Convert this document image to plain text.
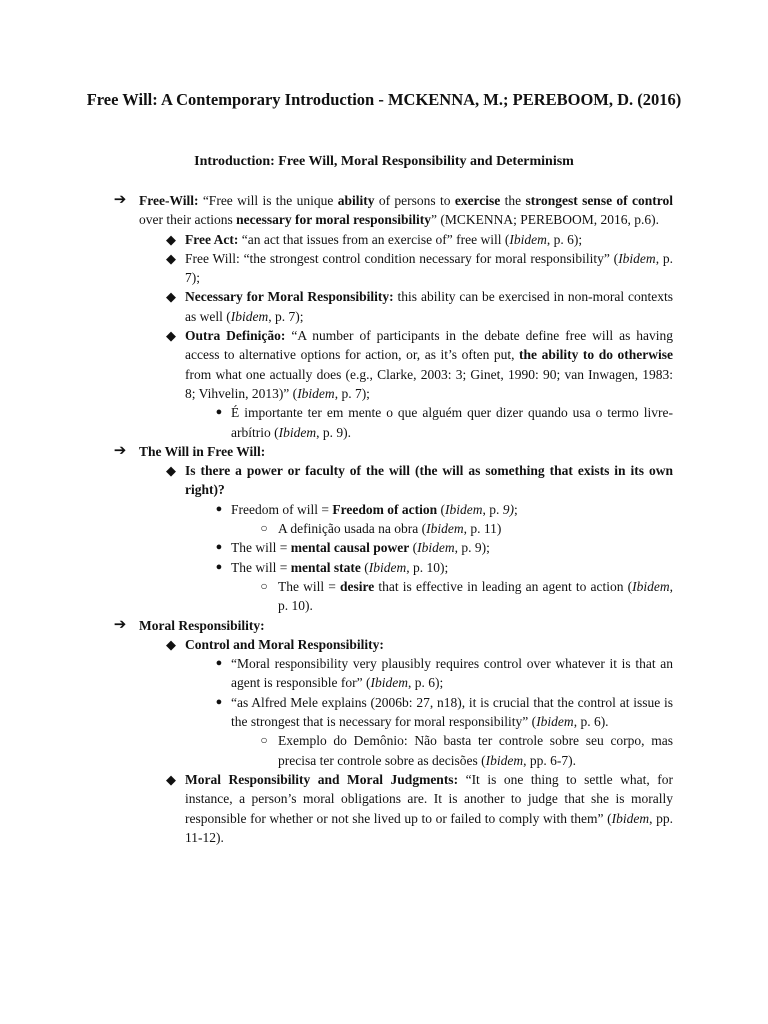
Free Will: A Contemporary Introduction - MCKENNA, M.; PEREBOOM, D. (2016)
Introduction: Free Will, Moral Responsibility and Determinism
➔ Free-Will: “Free will is the unique ability of persons to exercise the strongest sense of control over their actions necessary for moral responsibility” (MCKENNA; PEREBOOM, 2016, p.6).
◆ Free Act: “an act that issues from an exercise of” free will (Ibidem, p. 6);
◆ Free Will: “the strongest control condition necessary for moral responsibility” (Ibidem, p. 7);
◆ Necessary for Moral Responsibility: this ability can be exercised in non-moral contexts as well (Ibidem, p. 7);
◆ Outra Definição: “A number of participants in the debate define free will as having access to alternative options for action, or, as it’s often put, the ability to do otherwise from what one actually does (e.g., Clarke, 2003: 3; Ginet, 1990: 90; van Inwagen, 1983: 8; Vihvelin, 2013)” (Ibidem, p. 7);
● É importante ter em mente o que alguém quer dizer quando usa o termo livre-arbítrio (Ibidem, p. 9).
➔ The Will in Free Will:
◆ Is there a power or faculty of the will (the will as something that exists in its own right)?
● Freedom of will = Freedom of action (Ibidem, p. 9);
○ A definição usada na obra (Ibidem, p. 11)
● The will = mental causal power (Ibidem, p. 9);
● The will = mental state (Ibidem, p. 10);
○ The will = desire that is effective in leading an agent to action (Ibidem, p. 10).
➔ Moral Responsibility:
◆ Control and Moral Responsibility:
● “Moral responsibility very plausibly requires control over whatever it is that an agent is responsible for” (Ibidem, p. 6);
● “as Alfred Mele explains (2006b: 27, n18), it is crucial that the control at issue is the strongest that is necessary for moral responsibility” (Ibidem, p. 6).
○ Exemplo do Demônio: Não basta ter controle sobre seu corpo, mas precisa ter controle sobre as decisões (Ibidem, pp. 6-7).
◆ Moral Responsibility and Moral Judgments: “It is one thing to settle what, for instance, a person’s moral obligations are. It is another to judge that she is morally responsible for whether or not she lived up to or failed to comply with them” (Ibidem, pp. 11-12).
